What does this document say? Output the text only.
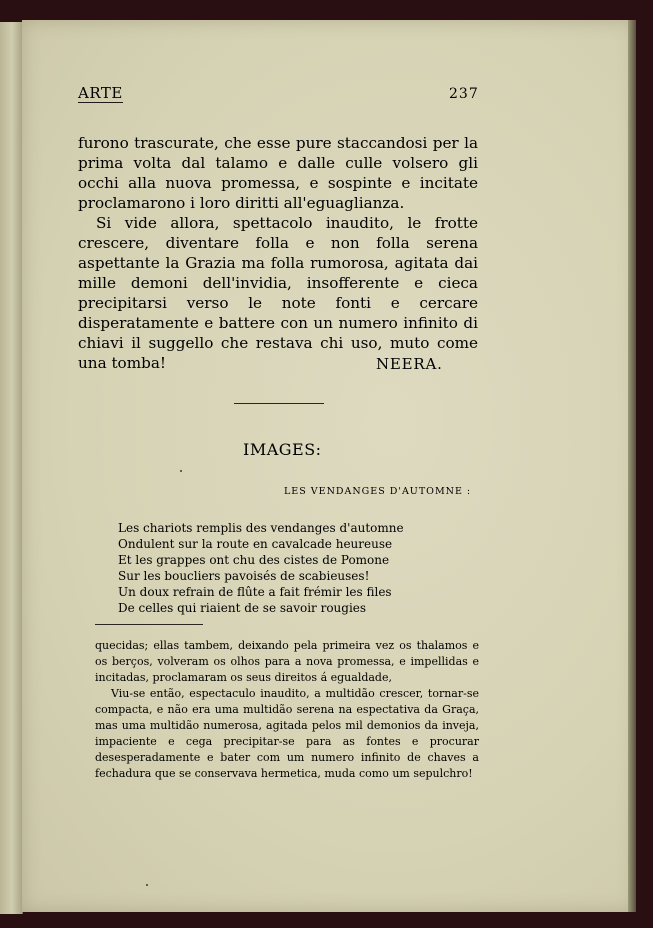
ARTE	237

furono trascurate, che esse pure staccandosi per la prima volta dal talamo e dalle culle volsero gli occhi alla nuova promessa, e sospinte e incitate proclamarono i loro diritti all'eguaglianza.

Si vide allora, spettacolo inaudito, le frotte crescere, diventare folla e non folla serena aspettante la Grazia ma folla rumorosa, agitata dai mille demoni dell'invidia, insofferente e cieca precipitarsi verso le note fonti e cercare disperatamente e battere con un numero infinito di chiavi il suggello che restava chi uso, muto come una tomba!	NEERA.
IMAGES:
LES VENDANGES D'AUTOMNE :
Les chariots remplis des vendanges d'automne
Ondulent sur la route en cavalcade heureuse
Et les grappes ont chu des cistes de Pomone
Sur les boucliers pavoisés de scabieuses!
Un doux refrain de flûte a fait frémir les files
De celles qui riaient de se savoir rougies

quecidas; ellas tambem, deixando pela primeira vez os thalamos e os berços, volveram os olhos para a nova promessa, e impellidas e incitadas, proclamaram os seus direitos á egualdade,

Viu-se então, espectaculo inaudito, a multidão crescer, tornar-se compacta, e não era uma multidão serena na espectativa da Graça, mas uma multidão numerosa, agitada pelos mil demonios da inveja, impaciente e cega precipitar-se para as fontes e procurar desesperadamente e bater com um numero infinito de chaves a fechadura que se conservava hermetica, muda como um sepulchro!
